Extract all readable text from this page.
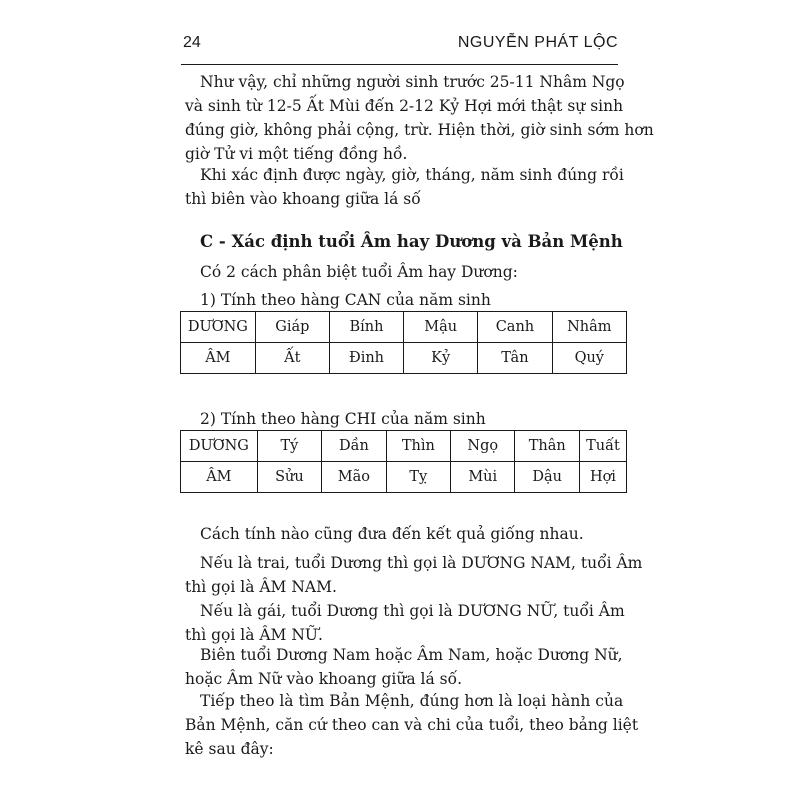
24	NGUYỄN PHÁT LỘC

Như vậy, chỉ những người sinh trước 25-11 Nhâm Ngọ
và sinh từ 12-5 Ất Mùi đến 2-12 Kỷ Hợi mới thật sự sinh
đúng giờ, không phải cộng, trừ. Hiện thời, giờ sinh sớm hơn
giờ Tử vi một tiếng đồng hồ.

Khi xác định được ngày, giờ, tháng, năm sinh đúng rồi
thì biên vào khoang giữa lá số

C - Xác định tuổi Âm hay Dương và Bản Mệnh

Có 2 cách phân biệt tuổi Âm hay Dương:

1) Tính theo hàng CAN của năm sinh

DƯƠNG	Giáp	Bính	Mậu	Canh	Nhâm
ÂM	Ất	Đinh	Kỷ	Tân	Quý

2) Tính theo hàng CHI của năm sinh

DƯƠNG	Tý	Dần	Thìn	Ngọ	Thân	Tuất
ÂM	Sửu	Mão	Tỵ	Mùi	Dậu	Hợi

Cách tính nào cũng đưa đến kết quả giống nhau.

Nếu là trai, tuổi Dương thì gọi là DƯƠNG NAM, tuổi Âm
thì gọi là ÂM NAM.

Nếu là gái, tuổi Dương thì gọi là DƯƠNG NỮ, tuổi Âm
thì gọi là ÂM NỮ.

Biên tuổi Dương Nam hoặc Âm Nam, hoặc Dương Nữ,
hoặc Âm Nữ vào khoang giữa lá số.

Tiếp theo là tìm Bản Mệnh, đúng hơn là loại hành của
Bản Mệnh, căn cứ theo can và chi của tuổi, theo bảng liệt
kê sau đây:
